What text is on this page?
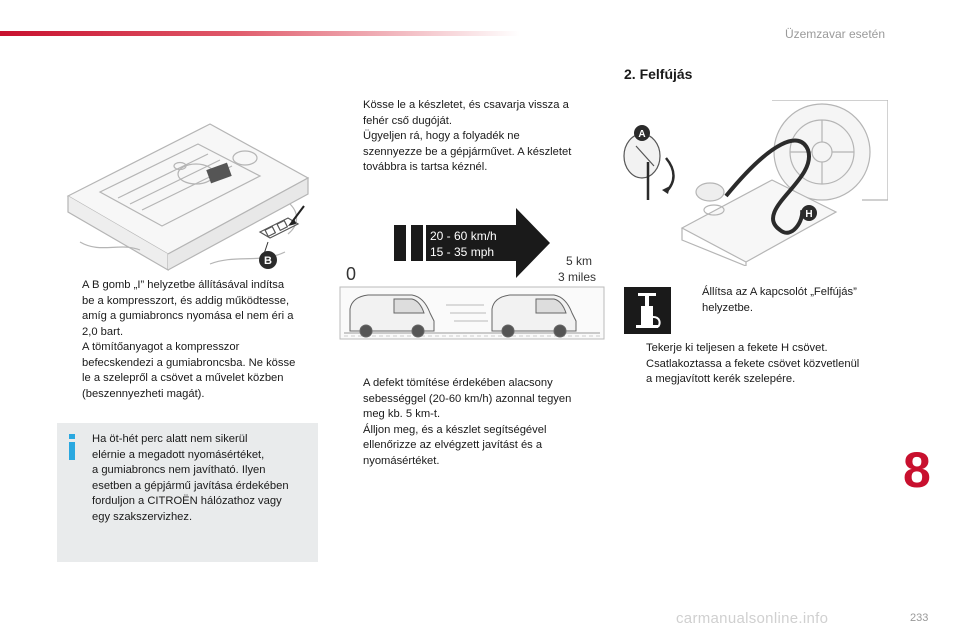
Üzemzavar esetén
B
A B gomb „I” helyzetbe állításával indítsa
be a kompresszort, és addig működtesse,
amíg a gumiabroncs nyomása el nem éri a
2,0 bart.
A tömítőanyagot a kompresszor
befecskendezi a gumiabroncsba. Ne kösse
le a szelepről a csövet a művelet közben
(beszennyezheti magát).
Ha öt-hét perc alatt nem sikerül
elérnie a megadott nyomásértéket,
a gumiabroncs nem javítható. Ilyen
esetben a gépjármű javítása érdekében
forduljon a CITROËN hálózathoz vagy
egy szakszervizhez.
Kösse le a készletet, és csavarja vissza a
fehér cső dugóját.
Ügyeljen rá, hogy a folyadék ne
szennyezze be a gépjárművet. A készletet
továbbra is tartsa kéznél.
20 - 60 km/h
15 - 35 mph
0
5 km
3 miles
A defekt tömítése érdekében alacsony
sebességgel (20-60 km/h) azonnal tegyen
meg kb. 5 km-t.
Álljon meg, és a készlet segítségével
ellenőrizze az elvégzett javítást és a
nyomásértéket.
2. Felfújás
A
H
Állítsa az A kapcsolót „Felfújás”
helyzetbe.
Tekerje ki teljesen a fekete H csövet.
Csatlakoztassa a fekete csövet közvetlenül
a megjavított kerék szelepére.
8
carmanualsonline.info	233
